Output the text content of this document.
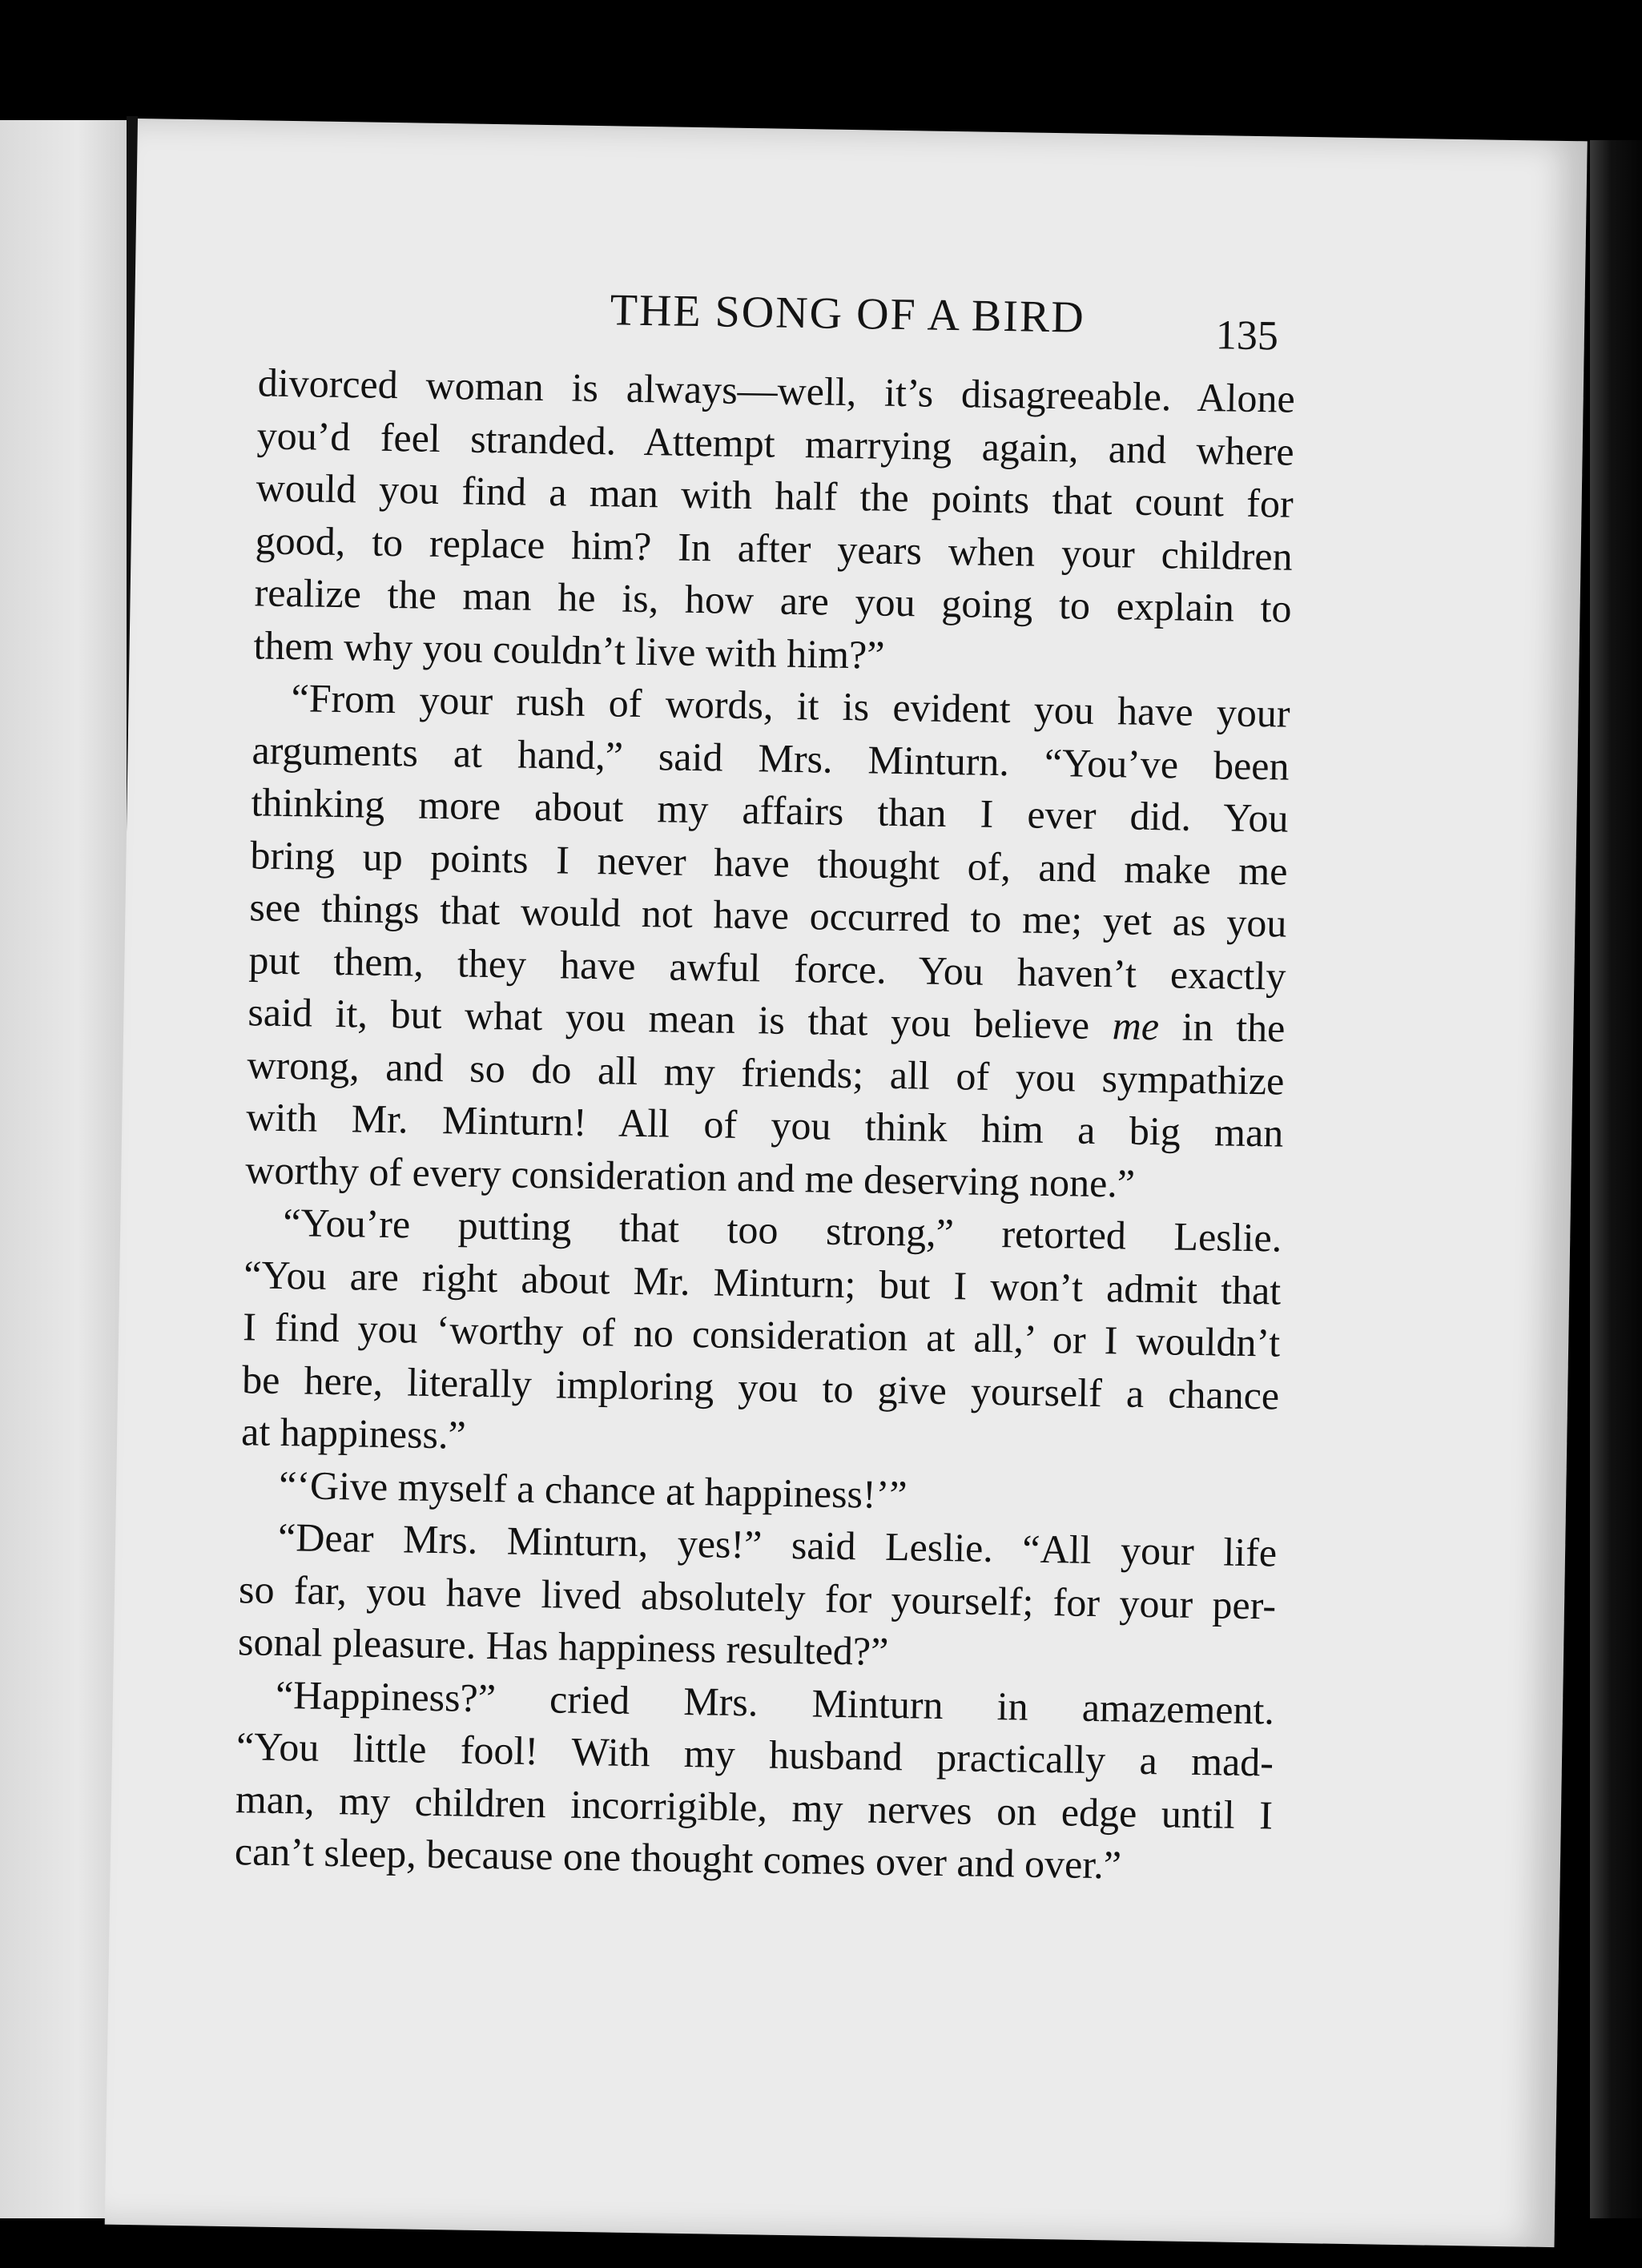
THE SONG OF A BIRD	135
divorced woman is always—well, it’s disagreeable. Alone
you’d feel stranded. Attempt marrying again, and where
would you find a man with half the points that count for
good, to replace him? In after years when your children
realize the man he is, how are you going to explain to
them why you couldn’t live with him?”
“From your rush of words, it is evident you have your
arguments at hand,” said Mrs. Minturn. “You’ve been
thinking more about my affairs than I ever did. You
bring up points I never have thought of, and make me
see things that would not have occurred to me; yet as you
put them, they have awful force. You haven’t exactly
said it, but what you mean is that you believe me in the
wrong, and so do all my friends; all of you sympathize
with Mr. Minturn! All of you think him a big man
worthy of every consideration and me deserving none.”
“You’re putting that too strong,” retorted Leslie.
“You are right about Mr. Minturn; but I won’t admit that
I find you ‘worthy of no consideration at all,’ or I wouldn’t
be here, literally imploring you to give yourself a chance
at happiness.”
“‘Give myself a chance at happiness!’”
“Dear Mrs. Minturn, yes!” said Leslie. “All your life
so far, you have lived absolutely for yourself; for your per-
sonal pleasure. Has happiness resulted?”
“Happiness?” cried Mrs. Minturn in amazement.
“You little fool! With my husband practically a mad-
man, my children incorrigible, my nerves on edge until I
can’t sleep, because one thought comes over and over.”
